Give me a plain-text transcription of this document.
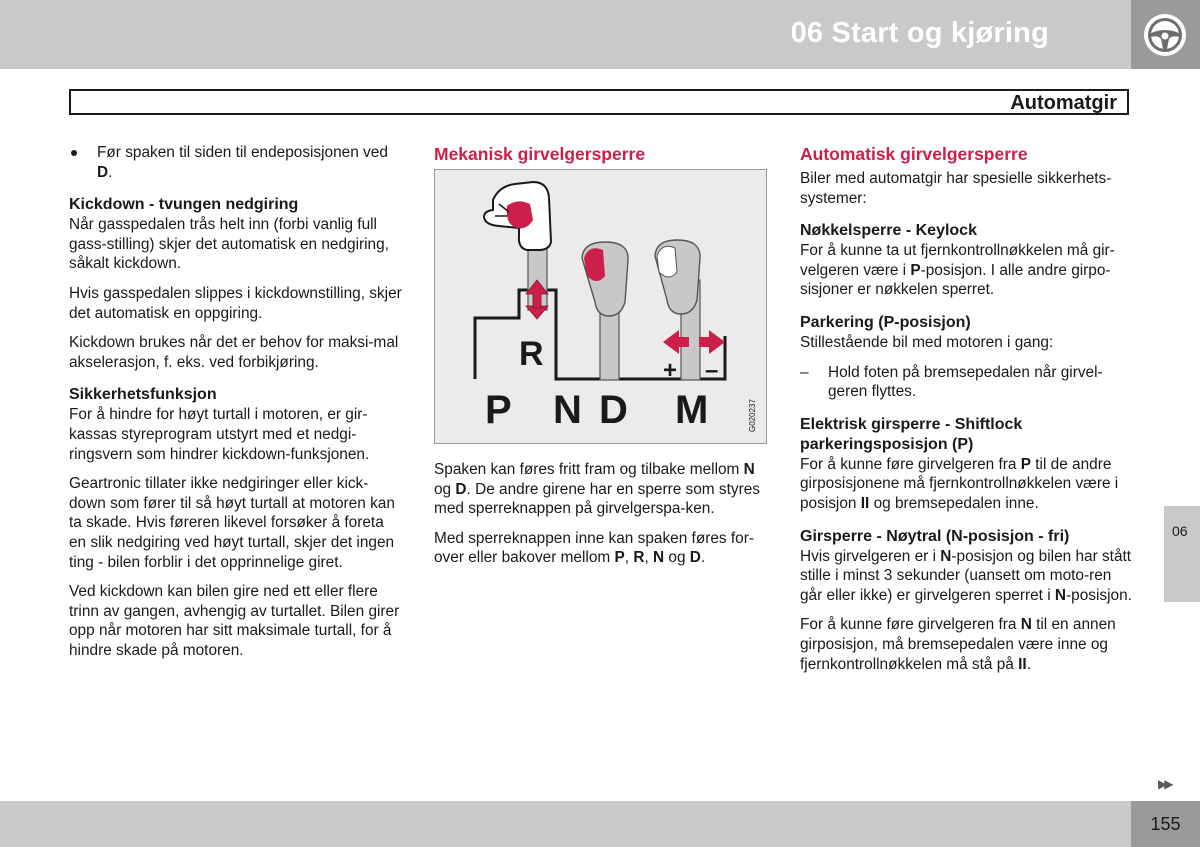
06 Start og kjøring
Automatgir

Før spaken til siden til endeposisjonen ved D.

Kickdown - tvungen nedgiring

Når gasspedalen trås helt inn (forbi vanlig full gass-stilling) skjer det automatisk en nedgiring, såkalt kickdown.

Hvis gasspedalen slippes i kickdownstilling, skjer det automatisk en oppgiring.

Kickdown brukes når det er behov for maksi-mal akselerasjon, f. eks. ved forbikjøring.

Sikkerhetsfunksjon

For å hindre for høyt turtall i motoren, er gir-kassas styreprogram utstyrt med et nedgi-ringsvern som hindrer kickdown-funksjonen.

Geartronic tillater ikke nedgiringer eller kick-down som fører til så høyt turtall at motoren kan ta skade. Hvis føreren likevel forsøker å foreta en slik nedgiring ved høyt turtall, skjer det ingen ting - bilen forblir i det opprinnelige giret.

Ved kickdown kan bilen gire ned ett eller flere trinn av gangen, avhengig av turtallet. Bilen girer opp når motoren har sitt maksimale turtall, for å hindre skade på motoren.

Mekanisk girvelgersperre
R	+ –
P N D M	G020237

Spaken kan føres fritt fram og tilbake mellom N og D. De andre girene har en sperre som styres med sperreknappen på girvelgerspa-ken.

Med sperreknappen inne kan spaken føres for-over eller bakover mellom P, R, N og D.

Automatisk girvelgersperre

Biler med automatgir har spesielle sikkerhets-systemer:

Nøkkelsperre - Keylock

For å kunne ta ut fjernkontrollnøkkelen må gir-velgeren være i P-posisjon. I alle andre girpo-sisjoner er nøkkelen sperret.

Parkering (P-posisjon)

Stillestående bil med motoren i gang:

– Hold foten på bremsepedalen når girvel-geren flyttes.

Elektrisk girsperre - Shiftlock parkeringsposisjon (P)

For å kunne føre girvelgeren fra P til de andre girposisjonene må fjernkontrollnøkkelen være i posisjon II og bremsepedalen inne.

Girsperre - Nøytral (N-posisjon - fri)

Hvis girvelgeren er i N-posisjon og bilen har stått stille i minst 3 sekunder (uansett om moto-ren går eller ikke) er girvelgeren sperret i N-posisjon.

For å kunne føre girvelgeren fra N til en annen girposisjon, må bremsepedalen være inne og fjernkontrollnøkkelen må stå på II.

06
▶▶
155
